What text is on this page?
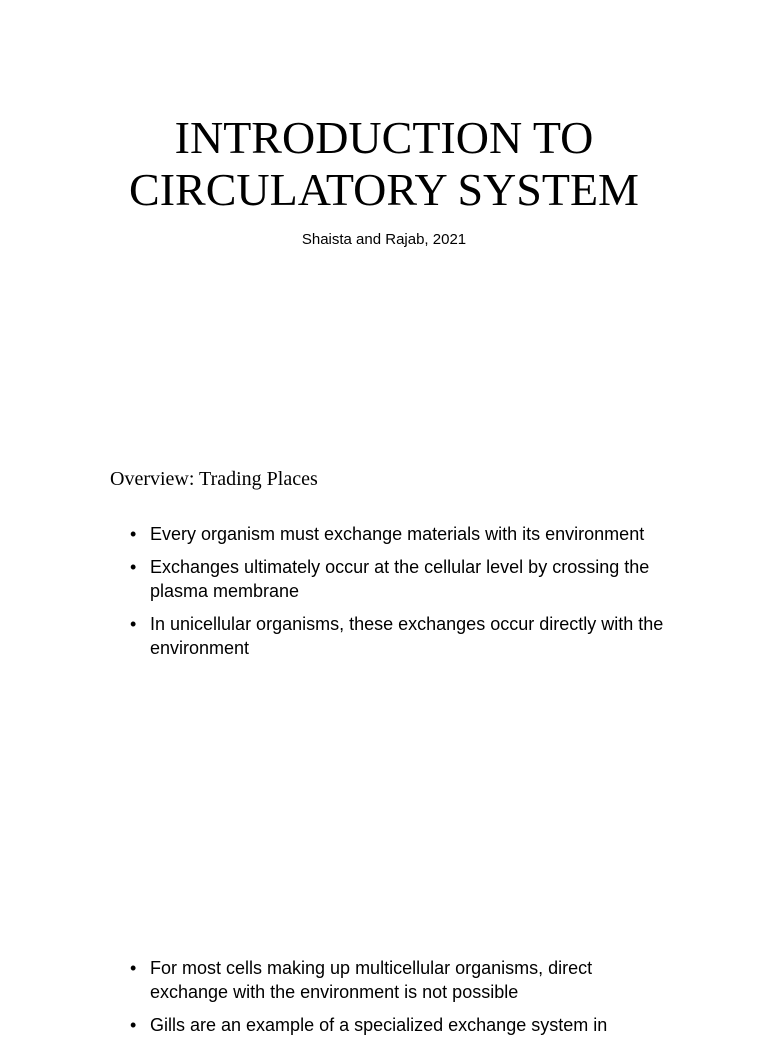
INTRODUCTION TO
CIRCULATORY SYSTEM
Shaista and Rajab, 2021
Overview: Trading Places
• Every organism must exchange materials with its environment
• Exchanges ultimately occur at the cellular level by crossing the plasma membrane
• In unicellular organisms, these exchanges occur directly with the environment
• For most cells making up multicellular organisms, direct exchange with the environment is not possible
• Gills are an example of a specialized exchange system in
